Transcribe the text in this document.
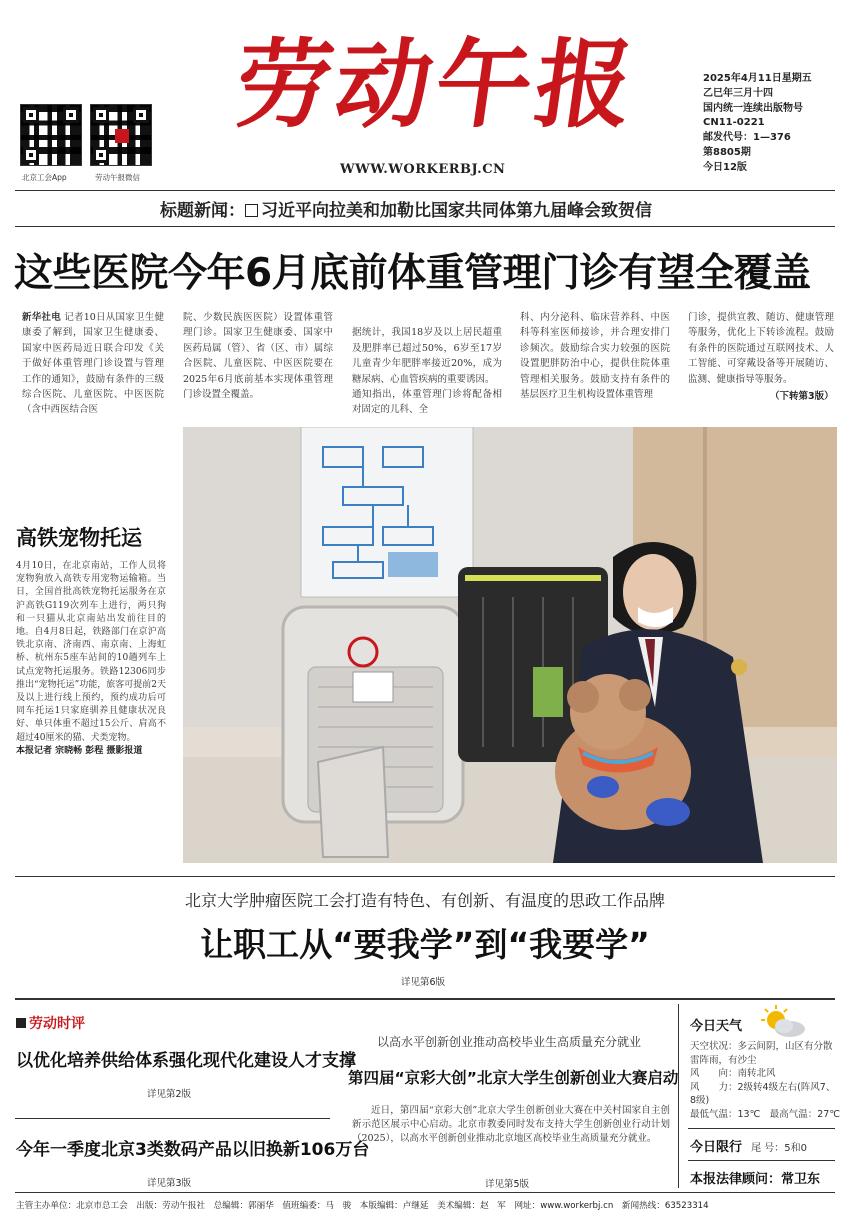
北京工会App	劳动午报微信
劳动午报
WWW.WORKERBJ.CN
2025年4月11日星期五
乙巳年三月十四
国内统一连续出版物号
CN11-0221
邮发代号：1—376
第8805期
今日12版
标题新闻： 习近平向拉美和加勒比国家共同体第九届峰会致贺信
这些医院今年6月底前体重管理门诊有望全覆盖
新华社电 记者10日从国家卫生健康委了解到，国家卫生健康委、国家中医药局近日联合印发《关于做好体重管理门诊设置与管理工作的通知》，鼓励有条件的三级综合医院、儿童医院、中医医院（含中西医结合医
院、少数民族医医院）设置体重管理门诊。国家卫生健康委、国家中医药局属（管）、省（区、市）属综合医院、儿童医院、中医医院要在2025年6月底前基本实现体重管理门诊设置全覆盖。

据统计，我国18岁及以上居民超重及肥胖率已超过50%，6岁至17岁儿童青少年肥胖率接近20%，成为糖尿病、心血管疾病的重要诱因。
通知指出，体重管理门诊将配备相对固定的儿科、全

科、内分泌科、临床营养科、中医科等科室医师接诊，并合理安排门诊频次。鼓励综合实力较强的医院设置肥胖防治中心，提供住院体重管理相关服务。鼓励支持有条件的基层医疗卫生机构设置体重管理
门诊，提供宣教、随访、健康管理等服务，优化上下转诊流程。鼓励有条件的医院通过互联网技术、人工智能、可穿戴设备等开展随访、监测、健康指导等服务。
（下转第3版）
高铁宠物托运
4月10日，在北京南站，工作人员将宠物狗放入高铁专用宠物运输箱。当日，全国首批高铁宠物托运服务在京沪高铁G119次列车上进行，两只狗和一只猫从北京南站出发前往目的地。自4月8日起，铁路部门在京沪高铁北京南、济南西、南京南、上海虹桥、杭州东5座车站间的10趟列车上试点宠物托运服务。铁路12306同步推出“宠物托运”功能，旅客可提前2天及以上进行线上预约，预约成功后可同车托运1只家庭驯养且健康状况良好、单只体重不超过15公斤、肩高不超过40厘米的猫、犬类宠物。
本报记者 宗晓畅 彭程 摄影报道
北京大学肿瘤医院工会打造有特色、有创新、有温度的思政工作品牌
让职工从“要我学”到“我要学”
详见第6版
劳动时评
以优化培养供给体系强化现代化建设人才支撑
详见第2版
今年一季度北京3类数码产品以旧换新106万台
详见第3版
以高水平创新创业推动高校毕业生高质量充分就业
第四届“京彩大创”北京大学生创新创业大赛启动
近日，第四届“京彩大创”北京大学生创新创业大赛在中关村国家自主创新示范区展示中心启动。北京市教委同时发布支持大学生创新创业行动计划（2025），以高水平创新创业推动北京地区高校毕业生高质量充分就业。
详见第5版
今日天气
天空状况：多云间阴，山区有分散雷阵雨，有沙尘
风　　向：南转北风
风　　力：2级转4级左右(阵风7、8级)
最低气温：13℃　最高气温：27℃
今日限行 尾 号：5和0
本报法律顾问：常卫东
主管主办单位：北京市总工会　出版：劳动午报社　总编辑：郭丽华　值班编委：马　骏　本版编辑：卢继延　美术编辑：赵　军　网址：www.workerbj.cn　新闻热线：63523314
